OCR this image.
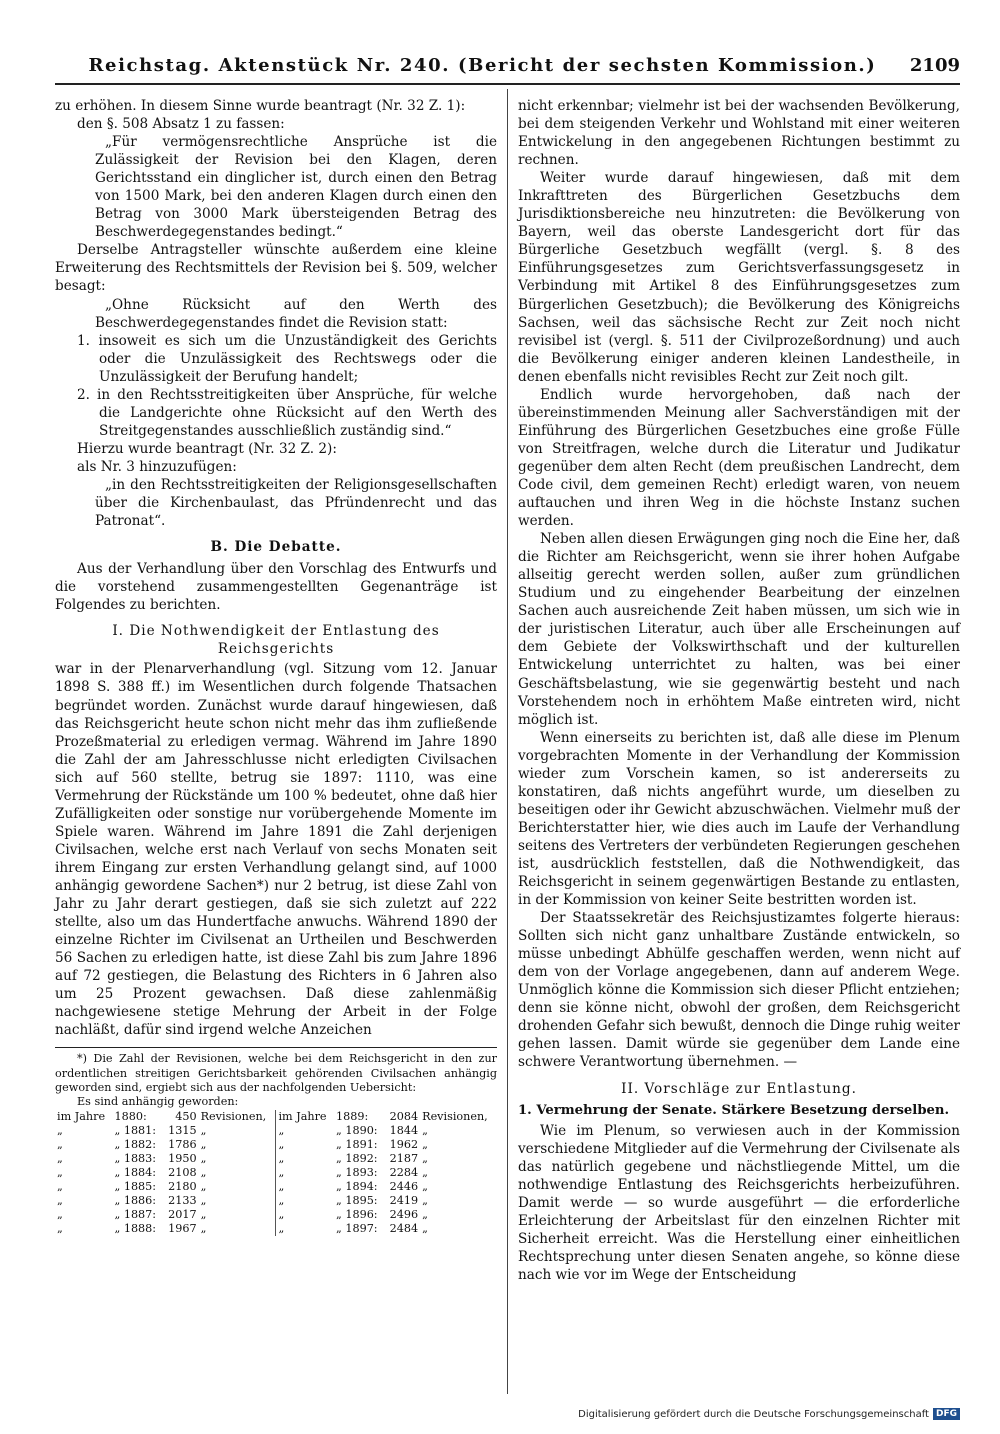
Reichstag. Aktenstück Nr. 240. (Bericht der sechsten Kommission.)	2109

zu erhöhen. In diesem Sinne wurde beantragt (Nr. 32 Z. 1):

den §. 508 Absatz 1 zu fassen:

„Für vermögensrechtliche Ansprüche ist die Zulässigkeit der Revision bei den Klagen, deren Gerichtsstand ein dinglicher ist, durch einen den Betrag von 1500 Mark, bei den anderen Klagen durch einen den Betrag von 3000 Mark übersteigenden Betrag des Beschwerdegegenstandes bedingt.“

Derselbe Antragsteller wünschte außerdem eine kleine Erweiterung des Rechtsmittels der Revision bei §. 509, welcher besagt:

„Ohne Rücksicht auf den Werth des Beschwerdegegenstandes findet die Revision statt:

1. insoweit es sich um die Unzuständigkeit des Gerichts oder die Unzulässigkeit des Rechtswegs oder die Unzulässigkeit der Berufung handelt;

2. in den Rechtsstreitigkeiten über Ansprüche, für welche die Landgerichte ohne Rücksicht auf den Werth des Streitgegenstandes ausschließlich zuständig sind.“

Hierzu wurde beantragt (Nr. 32 Z. 2):

als Nr. 3 hinzuzufügen:

„in den Rechtsstreitigkeiten der Religionsgesellschaften über die Kirchenbaulast, das Pfründenrecht und das Patronat“.

B. Die Debatte.

Aus der Verhandlung über den Vorschlag des Entwurfs und die vorstehend zusammengestellten Gegenanträge ist Folgendes zu berichten.

I. Die Nothwendigkeit der Entlastung des Reichsgerichts

war in der Plenarverhandlung (vgl. Sitzung vom 12. Januar 1898 S. 388 ff.) im Wesentlichen durch folgende Thatsachen begründet worden. Zunächst wurde darauf hingewiesen, daß das Reichsgericht heute schon nicht mehr das ihm zufließende Prozeßmaterial zu erledigen vermag. Während im Jahre 1890 die Zahl der am Jahresschlusse nicht erledigten Civilsachen sich auf 560 stellte, betrug sie 1897: 1110, was eine Vermehrung der Rückstände um 100 % bedeutet, ohne daß hier Zufälligkeiten oder sonstige nur vorübergehende Momente im Spiele waren. Während im Jahre 1891 die Zahl derjenigen Civilsachen, welche erst nach Verlauf von sechs Monaten seit ihrem Eingang zur ersten Verhandlung gelangt sind, auf 1000 anhängig gewordene Sachen*) nur 2 betrug, ist diese Zahl von Jahr zu Jahr derart gestiegen, daß sie sich zuletzt auf 222 stellte, also um das Hundertfache anwuchs. Während 1890 der einzelne Richter im Civilsenat an Urtheilen und Beschwerden 56 Sachen zu erledigen hatte, ist diese Zahl bis zum Jahre 1896 auf 72 gestiegen, die Belastung des Richters in 6 Jahren also um 25 Prozent gewachsen. Daß diese zahlenmäßig nachgewiesene stetige Mehrung der Arbeit in der Folge nachläßt, dafür sind irgend welche Anzeichen

*) Die Zahl der Revisionen, welche bei dem Reichsgericht in den zur ordentlichen streitigen Gerichtsbarkeit gehörenden Civilsachen anhängig geworden sind, ergiebt sich aus der nachfolgenden Uebersicht:

Es sind anhängig geworden:

im Jahre	1880:	450	Revisionen,	im Jahre	1889:	2084	Revisionen,
„	„ 1881:	1315	„	„	„ 1890:	1844	„
„	„ 1882:	1786	„	„	„ 1891:	1962	„
„	„ 1883:	1950	„	„	„ 1892:	2187	„
„	„ 1884:	2108	„	„	„ 1893:	2284	„
„	„ 1885:	2180	„	„	„ 1894:	2446	„
„	„ 1886:	2133	„	„	„ 1895:	2419	„
„	„ 1887:	2017	„	„	„ 1896:	2496	„
„	„ 1888:	1967	„	„	„ 1897:	2484	„

nicht erkennbar; vielmehr ist bei der wachsenden Bevölkerung, bei dem steigenden Verkehr und Wohlstand mit einer weiteren Entwickelung in den angegebenen Richtungen bestimmt zu rechnen.

Weiter wurde darauf hingewiesen, daß mit dem Inkrafttreten des Bürgerlichen Gesetzbuchs dem Jurisdiktionsbereiche neu hinzutreten: die Bevölkerung von Bayern, weil das oberste Landesgericht dort für das Bürgerliche Gesetzbuch wegfällt (vergl. §. 8 des Einführungsgesetzes zum Gerichtsverfassungsgesetz in Verbindung mit Artikel 8 des Einführungsgesetzes zum Bürgerlichen Gesetzbuch); die Bevölkerung des Königreichs Sachsen, weil das sächsische Recht zur Zeit noch nicht revisibel ist (vergl. §. 511 der Civilprozeßordnung) und auch die Bevölkerung einiger anderen kleinen Landestheile, in denen ebenfalls nicht revisibles Recht zur Zeit noch gilt.

Endlich wurde hervorgehoben, daß nach der übereinstimmenden Meinung aller Sachverständigen mit der Einführung des Bürgerlichen Gesetzbuches eine große Fülle von Streitfragen, welche durch die Literatur und Judikatur gegenüber dem alten Recht (dem preußischen Landrecht, dem Code civil, dem gemeinen Recht) erledigt waren, von neuem auftauchen und ihren Weg in die höchste Instanz suchen werden.

Neben allen diesen Erwägungen ging noch die Eine her, daß die Richter am Reichsgericht, wenn sie ihrer hohen Aufgabe allseitig gerecht werden sollen, außer zum gründlichen Studium und zu eingehender Bearbeitung der einzelnen Sachen auch ausreichende Zeit haben müssen, um sich wie in der juristischen Literatur, auch über alle Erscheinungen auf dem Gebiete der Volkswirthschaft und der kulturellen Entwickelung unterrichtet zu halten, was bei einer Geschäftsbelastung, wie sie gegenwärtig besteht und nach Vorstehendem noch in erhöhtem Maße eintreten wird, nicht möglich ist.

Wenn einerseits zu berichten ist, daß alle diese im Plenum vorgebrachten Momente in der Verhandlung der Kommission wieder zum Vorschein kamen, so ist andererseits zu konstatiren, daß nichts angeführt wurde, um dieselben zu beseitigen oder ihr Gewicht abzuschwächen. Vielmehr muß der Berichterstatter hier, wie dies auch im Laufe der Verhandlung seitens des Vertreters der verbündeten Regierungen geschehen ist, ausdrücklich feststellen, daß die Nothwendigkeit, das Reichsgericht in seinem gegenwärtigen Bestande zu entlasten, in der Kommission von keiner Seite bestritten worden ist.

Der Staatssekretär des Reichsjustizamtes folgerte hieraus: Sollten sich nicht ganz unhaltbare Zustände entwickeln, so müsse unbedingt Abhülfe geschaffen werden, wenn nicht auf dem von der Vorlage angegebenen, dann auf anderem Wege. Unmöglich könne die Kommission sich dieser Pflicht entziehen; denn sie könne nicht, obwohl der großen, dem Reichsgericht drohenden Gefahr sich bewußt, dennoch die Dinge ruhig weiter gehen lassen. Damit würde sie gegenüber dem Lande eine schwere Verantwortung übernehmen. —

II. Vorschläge zur Entlastung.

1. Vermehrung der Senate. Stärkere Besetzung derselben.

Wie im Plenum, so verwiesen auch in der Kommission verschiedene Mitglieder auf die Vermehrung der Civilsenate als das natürlich gegebene und nächstliegende Mittel, um die nothwendige Entlastung des Reichsgerichts herbeizuführen. Damit werde — so wurde ausgeführt — die erforderliche Erleichterung der Arbeitslast für den einzelnen Richter mit Sicherheit erreicht. Was die Herstellung einer einheitlichen Rechtsprechung unter diesen Senaten angehe, so könne diese nach wie vor im Wege der Entscheidung

Digitalisierung gefördert durch die Deutsche Forschungsgemeinschaft DFG
